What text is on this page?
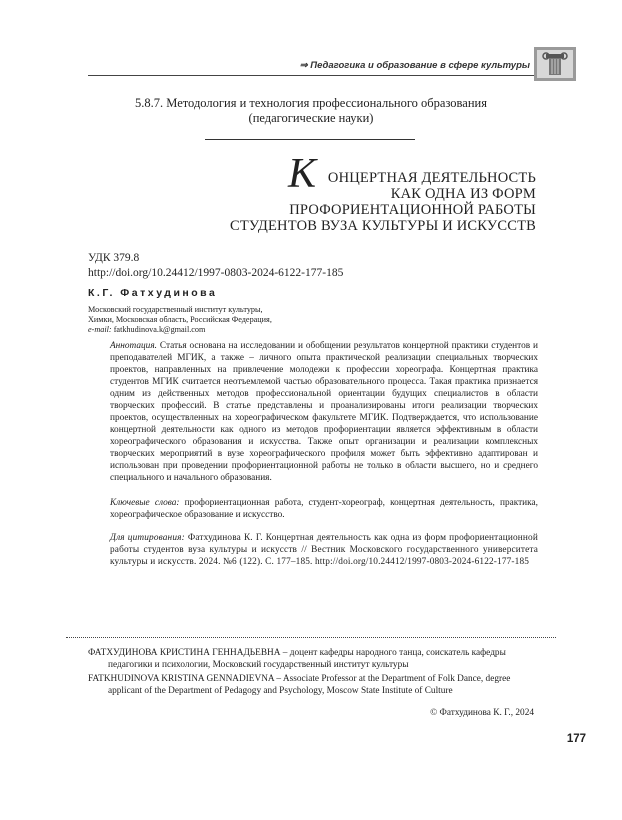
⇒ Педагогика и образование в сфере культуры
5.8.7. Методология и технология профессионального образования
(педагогические науки)
К ОНЦЕРТНАЯ ДЕЯТЕЛЬНОСТЬ
КАК ОДНА ИЗ ФОРМ
ПРОФОРИЕНТАЦИОННОЙ РАБОТЫ
СТУДЕНТОВ ВУЗА КУЛЬТУРЫ И ИСКУССТВ
УДК 379.8
http://doi.org/10.24412/1997-0803-2024-6122-177-185
К.Г. Фатхудинова
Московский государственный институт культуры,
Химки, Московская область, Российская Федерация,
e-mail: fatkhudinova.k@gmail.com

Аннотация. Статья основана на исследовании и обобщении результатов концертной практики студентов и преподавателей МГИК, а также – личного опыта практической реализации специальных творческих проектов, направленных на привлечение молодежи к профессии хореографа. Концертная практика студентов МГИК считается неотъемлемой частью образовательного процесса. Такая практика признается одним из действенных методов профессиональной ориентации будущих специалистов в области творческих профессий. В статье представлены и проанализированы итоги реализации творческих проектов, осуществленных на хореографическом факультете МГИК. Подтверждается, что использование концертной деятельности как одного из методов профориентации является эффективным в области хореографического образования и искусства. Также опыт организации и реализации комплексных творческих мероприятий в вузе хореографического профиля может быть эффективно адаптирован и использован при проведении профориентационной работы не только в области высшего, но и среднего специального и начального образования.

Ключевые слова: профориентационная работа, студент-хореограф, концертная деятельность, практика, хореографическое образование и искусство.

Для цитирования: Фатхудинова К. Г. Концертная деятельность как одна из форм профориентационной работы студентов вуза культуры и искусств // Вестник Московского государственного университета культуры и искусств. 2024. №6 (122). С. 177–185. http://doi.org/10.24412/1997-0803-2024-6122-177-185

ФАТХУДИНОВА КРИСТИНА ГЕННАДЬЕВНА – доцент кафедры народного танца, соискатель кафедры
педагогики и психологии, Московский государственный институт культуры

FATKHUDINOVA KRISTINA GENNADIEVNA – Associate Professor at the Department of Folk Dance, degree
applicant of the Department of Pedagogy and Psychology, Moscow State Institute of Culture

© Фатхудинова К. Г., 2024
177
